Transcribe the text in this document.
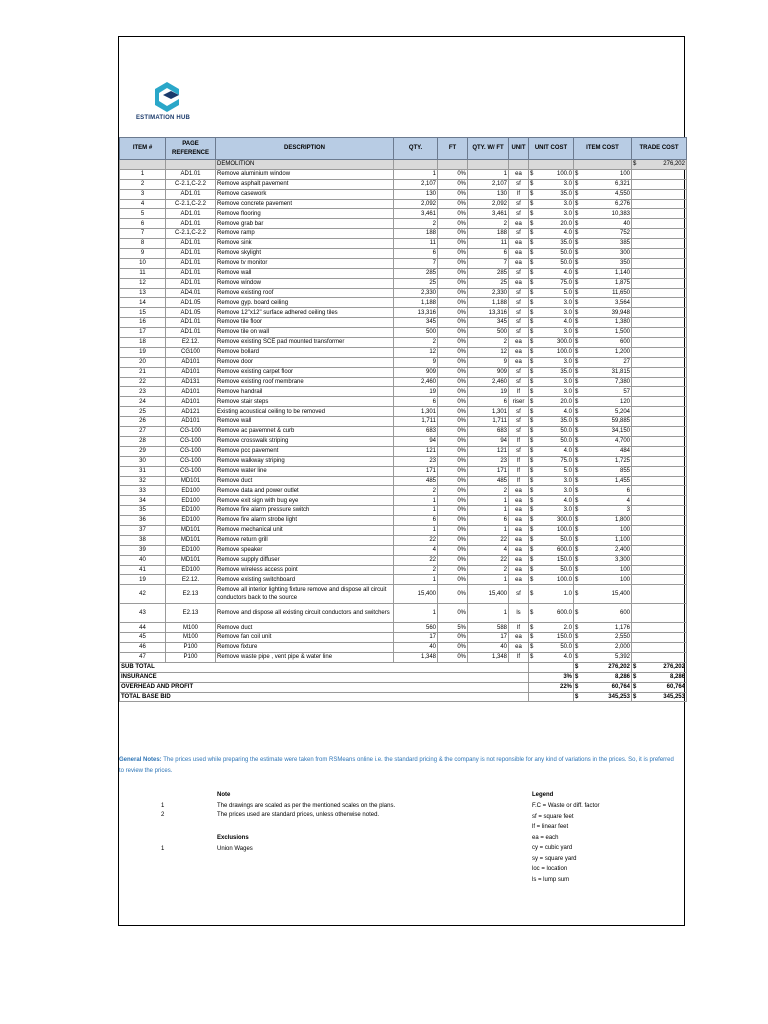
ESTIMATION HUB
ITEM #	PAGE REFERENCE	DESCRIPTION	QTY.	FT	QTY. W/ FT	UNIT	UNIT COST	ITEM COST	TRADE COST
		DEMOLITION							$ 276,202

1	AD1.01	Remove aluminium window	1	0%	1	ea	$ 100.0	$ 100	

2	C-2.1,C-2.2	Remove asphalt pavement	2,107	0%	2,107	sf	$ 3.0	$ 6,321	

3	AD1.01	Remove casework	130	0%	130	lf	$ 35.0	$ 4,550	

4	C-2.1,C-2.2	Remove concrete pavement	2,092	0%	2,092	sf	$ 3.0	$ 6,276	

5	AD1.01	Remove flooring	3,461	0%	3,461	sf	$ 3.0	$ 10,383	

6	AD1.01	Remove grab bar	2	0%	2	ea	$ 20.0	$ 40	

7	C-2.1,C-2.2	Remove ramp	188	0%	188	sf	$ 4.0	$ 752	

8	AD1.01	Remove sink	11	0%	11	ea	$ 35.0	$ 385	

9	AD1.01	Remove skylight	6	0%	6	ea	$ 50.0	$ 300	

10	AD1.01	Remove tv monitor	7	0%	7	ea	$ 50.0	$ 350	

11	AD1.01	Remove wall	285	0%	285	sf	$ 4.0	$ 1,140	

12	AD1.01	Remove window	25	0%	25	ea	$ 75.0	$ 1,875	

13	AD4.01	Remove existing roof	2,330	0%	2,330	sf	$ 5.0	$ 11,650	

14	AD1.05	Remove gyp. board ceiling	1,188	0%	1,188	sf	$ 3.0	$ 3,564	

15	AD1.05	Remove 12"x12" surface adhered ceiling tiles	13,316	0%	13,316	sf	$ 3.0	$ 39,948	

16	AD1.01	Remove tile floor	345	0%	345	sf	$ 4.0	$ 1,380	

17	AD1.01	Remove tile on wall	500	0%	500	sf	$ 3.0	$ 1,500	

18	E2.12.	Remove existing SCE pad mounted transformer	2	0%	2	ea	$ 300.0	$ 600	

19	CG100	Remove bollard	12	0%	12	ea	$ 100.0	$ 1,200	

20	AD101	Remove door	9	0%	9	ea	$ 3.0	$ 27	

21	AD101	Remove existing carpet floor	909	0%	909	sf	$ 35.0	$ 31,815	

22	AD131	Remove existing roof membrane	2,460	0%	2,460	sf	$ 3.0	$ 7,380	

23	AD101	Remove handrail	19	0%	19	lf	$ 3.0	$ 57	

24	AD101	Remove stair steps	6	0%	6	riser	$ 20.0	$ 120	

25	AD121	Existing acoustical ceiling to be removed	1,301	0%	1,301	sf	$ 4.0	$ 5,204	

26	AD101	Remove wall	1,711	0%	1,711	sf	$ 35.0	$ 59,885	

27	CG-100	Remove ac pavemnet & curb	683	0%	683	sf	$ 50.0	$ 34,150	

28	CG-100	Remove crosswalk striping	94	0%	94	lf	$ 50.0	$ 4,700	

29	CG-100	Remove pcc pavement	121	0%	121	sf	$ 4.0	$ 484	

30	CG-100	Remove walkway striping	23	0%	23	lf	$ 75.0	$ 1,725	

31	CG-100	Remove water line	171	0%	171	lf	$ 5.0	$ 855	

32	MD101	Remove duct	485	0%	485	lf	$ 3.0	$ 1,455	

33	ED100	Remove data and power outlet	2	0%	2	ea	$ 3.0	$ 6	

34	ED100	Remove exit sign with bug eye	1	0%	1	ea	$ 4.0	$ 4	

35	ED100	Remove fire alarm pressure switch	1	0%	1	ea	$ 3.0	$ 3	

36	ED100	Remove fire alarm strobe light	6	0%	6	ea	$ 300.0	$ 1,800	

37	MD101	Remove mechanical unit	1	0%	1	ea	$ 100.0	$ 100	

38	MD101	Remove return grill	22	0%	22	ea	$ 50.0	$ 1,100	

39	ED100	Remove speaker	4	0%	4	ea	$ 600.0	$ 2,400	

40	MD101	Remove supply diffuser	22	0%	22	ea	$ 150.0	$ 3,300	

41	ED100	Remove wireless access point	2	0%	2	ea	$ 50.0	$ 100	

19	E2.12.	Remove existing switchboard	1	0%	1	ea	$ 100.0	$ 100	

42	E2.13	Remove all interior lighting fixture remove and dispose all circuit conductors back to the source	15,400	0%	15,400	sf	$ 1.0	$ 15,400	

43	E2.13	Remove and dispose all existing circuit conductors and switchers	1	0%	1	ls	$ 600.0	$ 600	

44	M100	Remove duct	560	5%	588	lf	$ 2.0	$ 1,176	

45	M100	Remove fan coil unit	17	0%	17	ea	$ 150.0	$ 2,550	

46	P100	Remove fixture	40	0%	40	ea	$ 50.0	$ 2,000	

47	P100	Remove waste pipe , vent pipe & water line	1,348	0%	1,348	lf	$ 4.0	$ 5,392	

SUB TOTAL								$ 276,202	$ 276,202

INSURANCE							3%	$ 8,286	$ 8,286

OVERHEAD AND PROFIT							22%	$ 60,764	$ 60,764

TOTAL BASE BID								$ 345,253	$ 345,253
General Notes: The prices used while preparing the estimate were taken from RSMeans online i.e. the standard pricing & the company is not reponsible for any kind of variations in the prices. So, it is preferred to review the prices.
Note
1	The drawings are scaled as per the mentioned scales on the plans.
2	The prices used are standard prices, unless otherwise noted.
Exclusions
1	Union Wages
Legend
F.C = Waste or diff. factor
sf = square feet
lf = linear feet
ea = each
cy = cubic yard
sy = square yard
loc = location
ls = lump sum
